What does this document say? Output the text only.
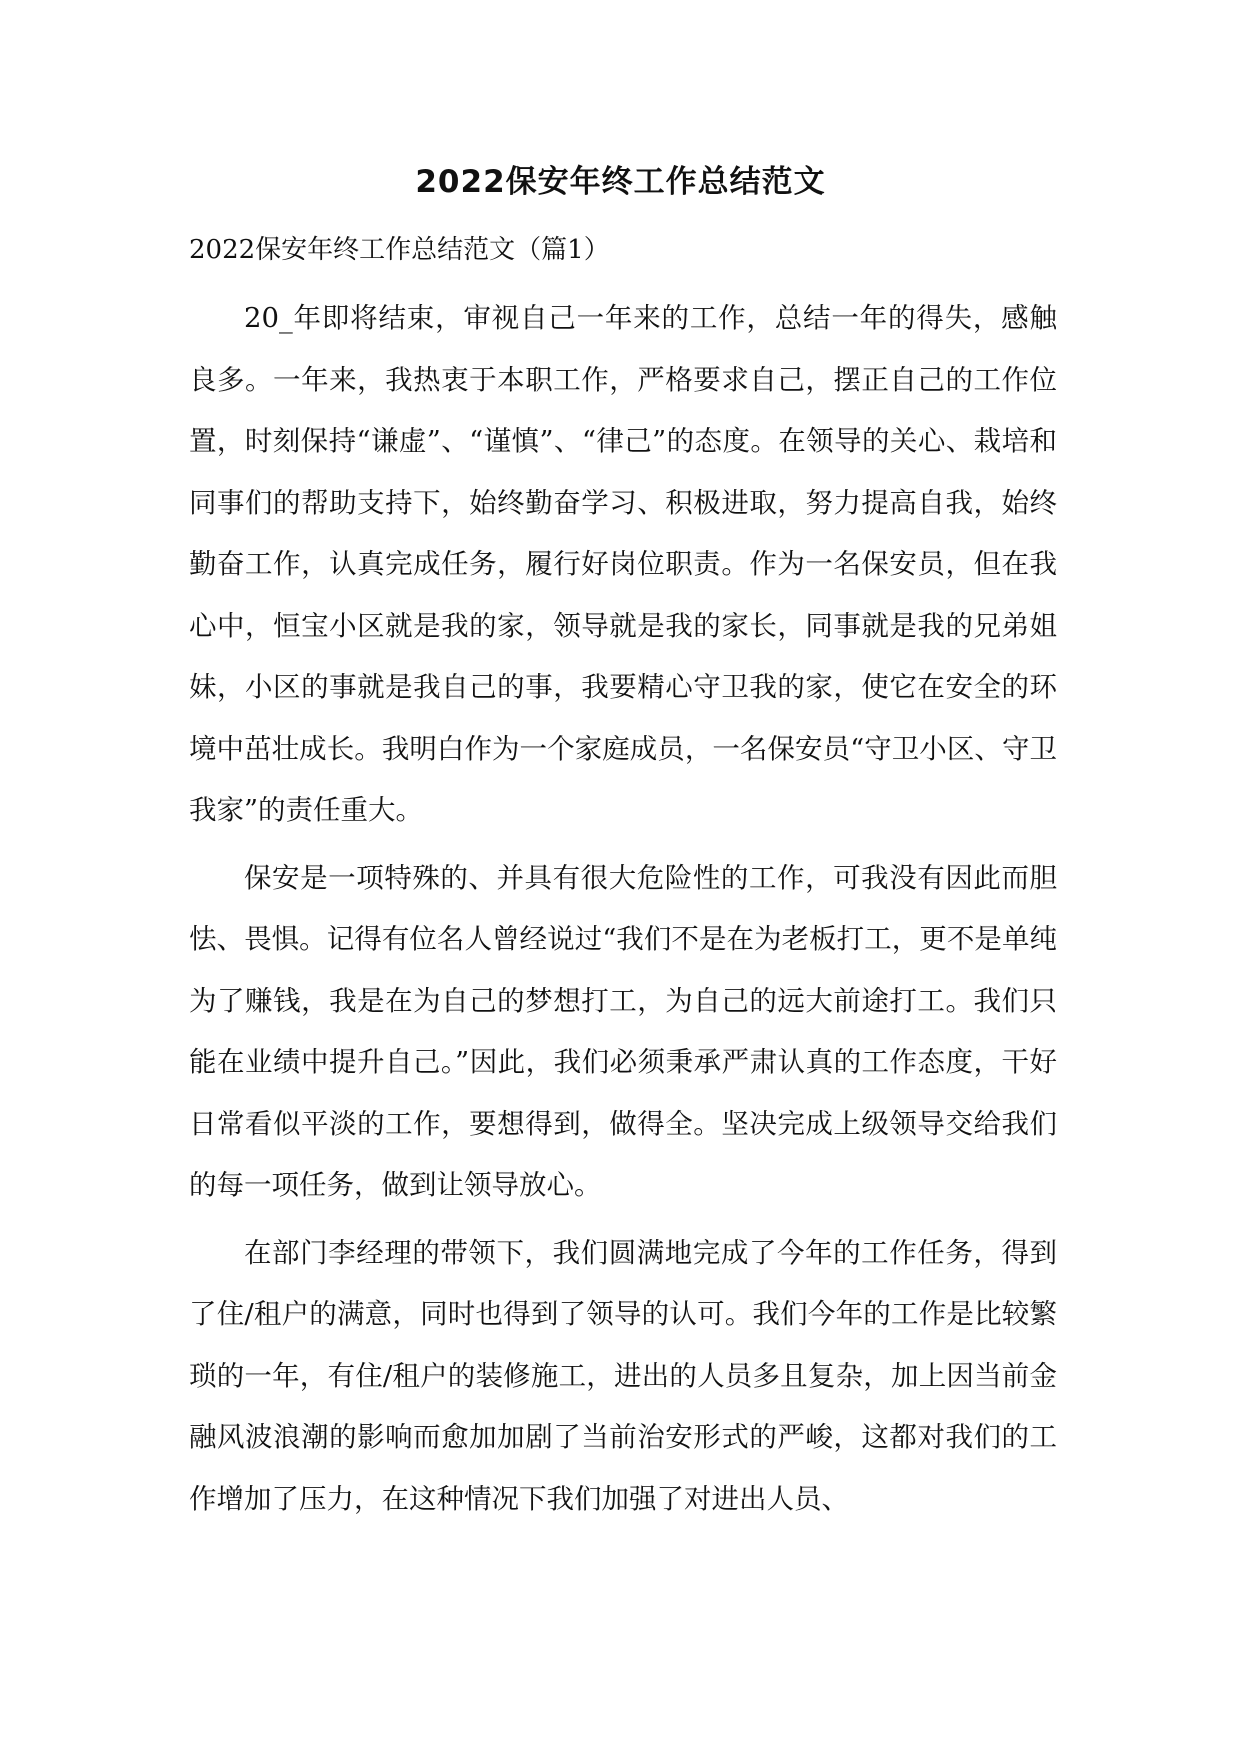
2022保安年终工作总结范文

2022保安年终工作总结范文（篇1）

20_年即将结束，审视自己一年来的工作，总结一年的得失，感触良多。一年来，我热衷于本职工作，严格要求自己，摆正自己的工作位置，时刻保持“谦虚”、“谨慎”、“律己”的态度。在领导的关心、栽培和同事们的帮助支持下，始终勤奋学习、积极进取，努力提高自我，始终勤奋工作，认真完成任务，履行好岗位职责。作为一名保安员，但在我心中，恒宝小区就是我的家，领导就是我的家长，同事就是我的兄弟姐妹，小区的事就是我自己的事，我要精心守卫我的家，使它在安全的环境中茁壮成长。我明白作为一个家庭成员，一名保安员“守卫小区、守卫我家”的责任重大。

保安是一项特殊的、并具有很大危险性的工作，可我没有因此而胆怯、畏惧。记得有位名人曾经说过“我们不是在为老板打工，更不是单纯为了赚钱，我是在为自己的梦想打工，为自己的远大前途打工。我们只能在业绩中提升自己。”因此，我们必须秉承严肃认真的工作态度，干好日常看似平淡的工作，要想得到，做得全。坚决完成上级领导交给我们的每一项任务，做到让领导放心。

在部门李经理的带领下，我们圆满地完成了今年的工作任务，得到了住/租户的满意，同时也得到了领导的认可。我们今年的工作是比较繁琐的一年，有住/租户的装修施工，进出的人员多且复杂，加上因当前金融风波浪潮的影响而愈加加剧了当前治安形式的严峻，这都对我们的工作增加了压力，在这种情况下我们加强了对进出人员、
